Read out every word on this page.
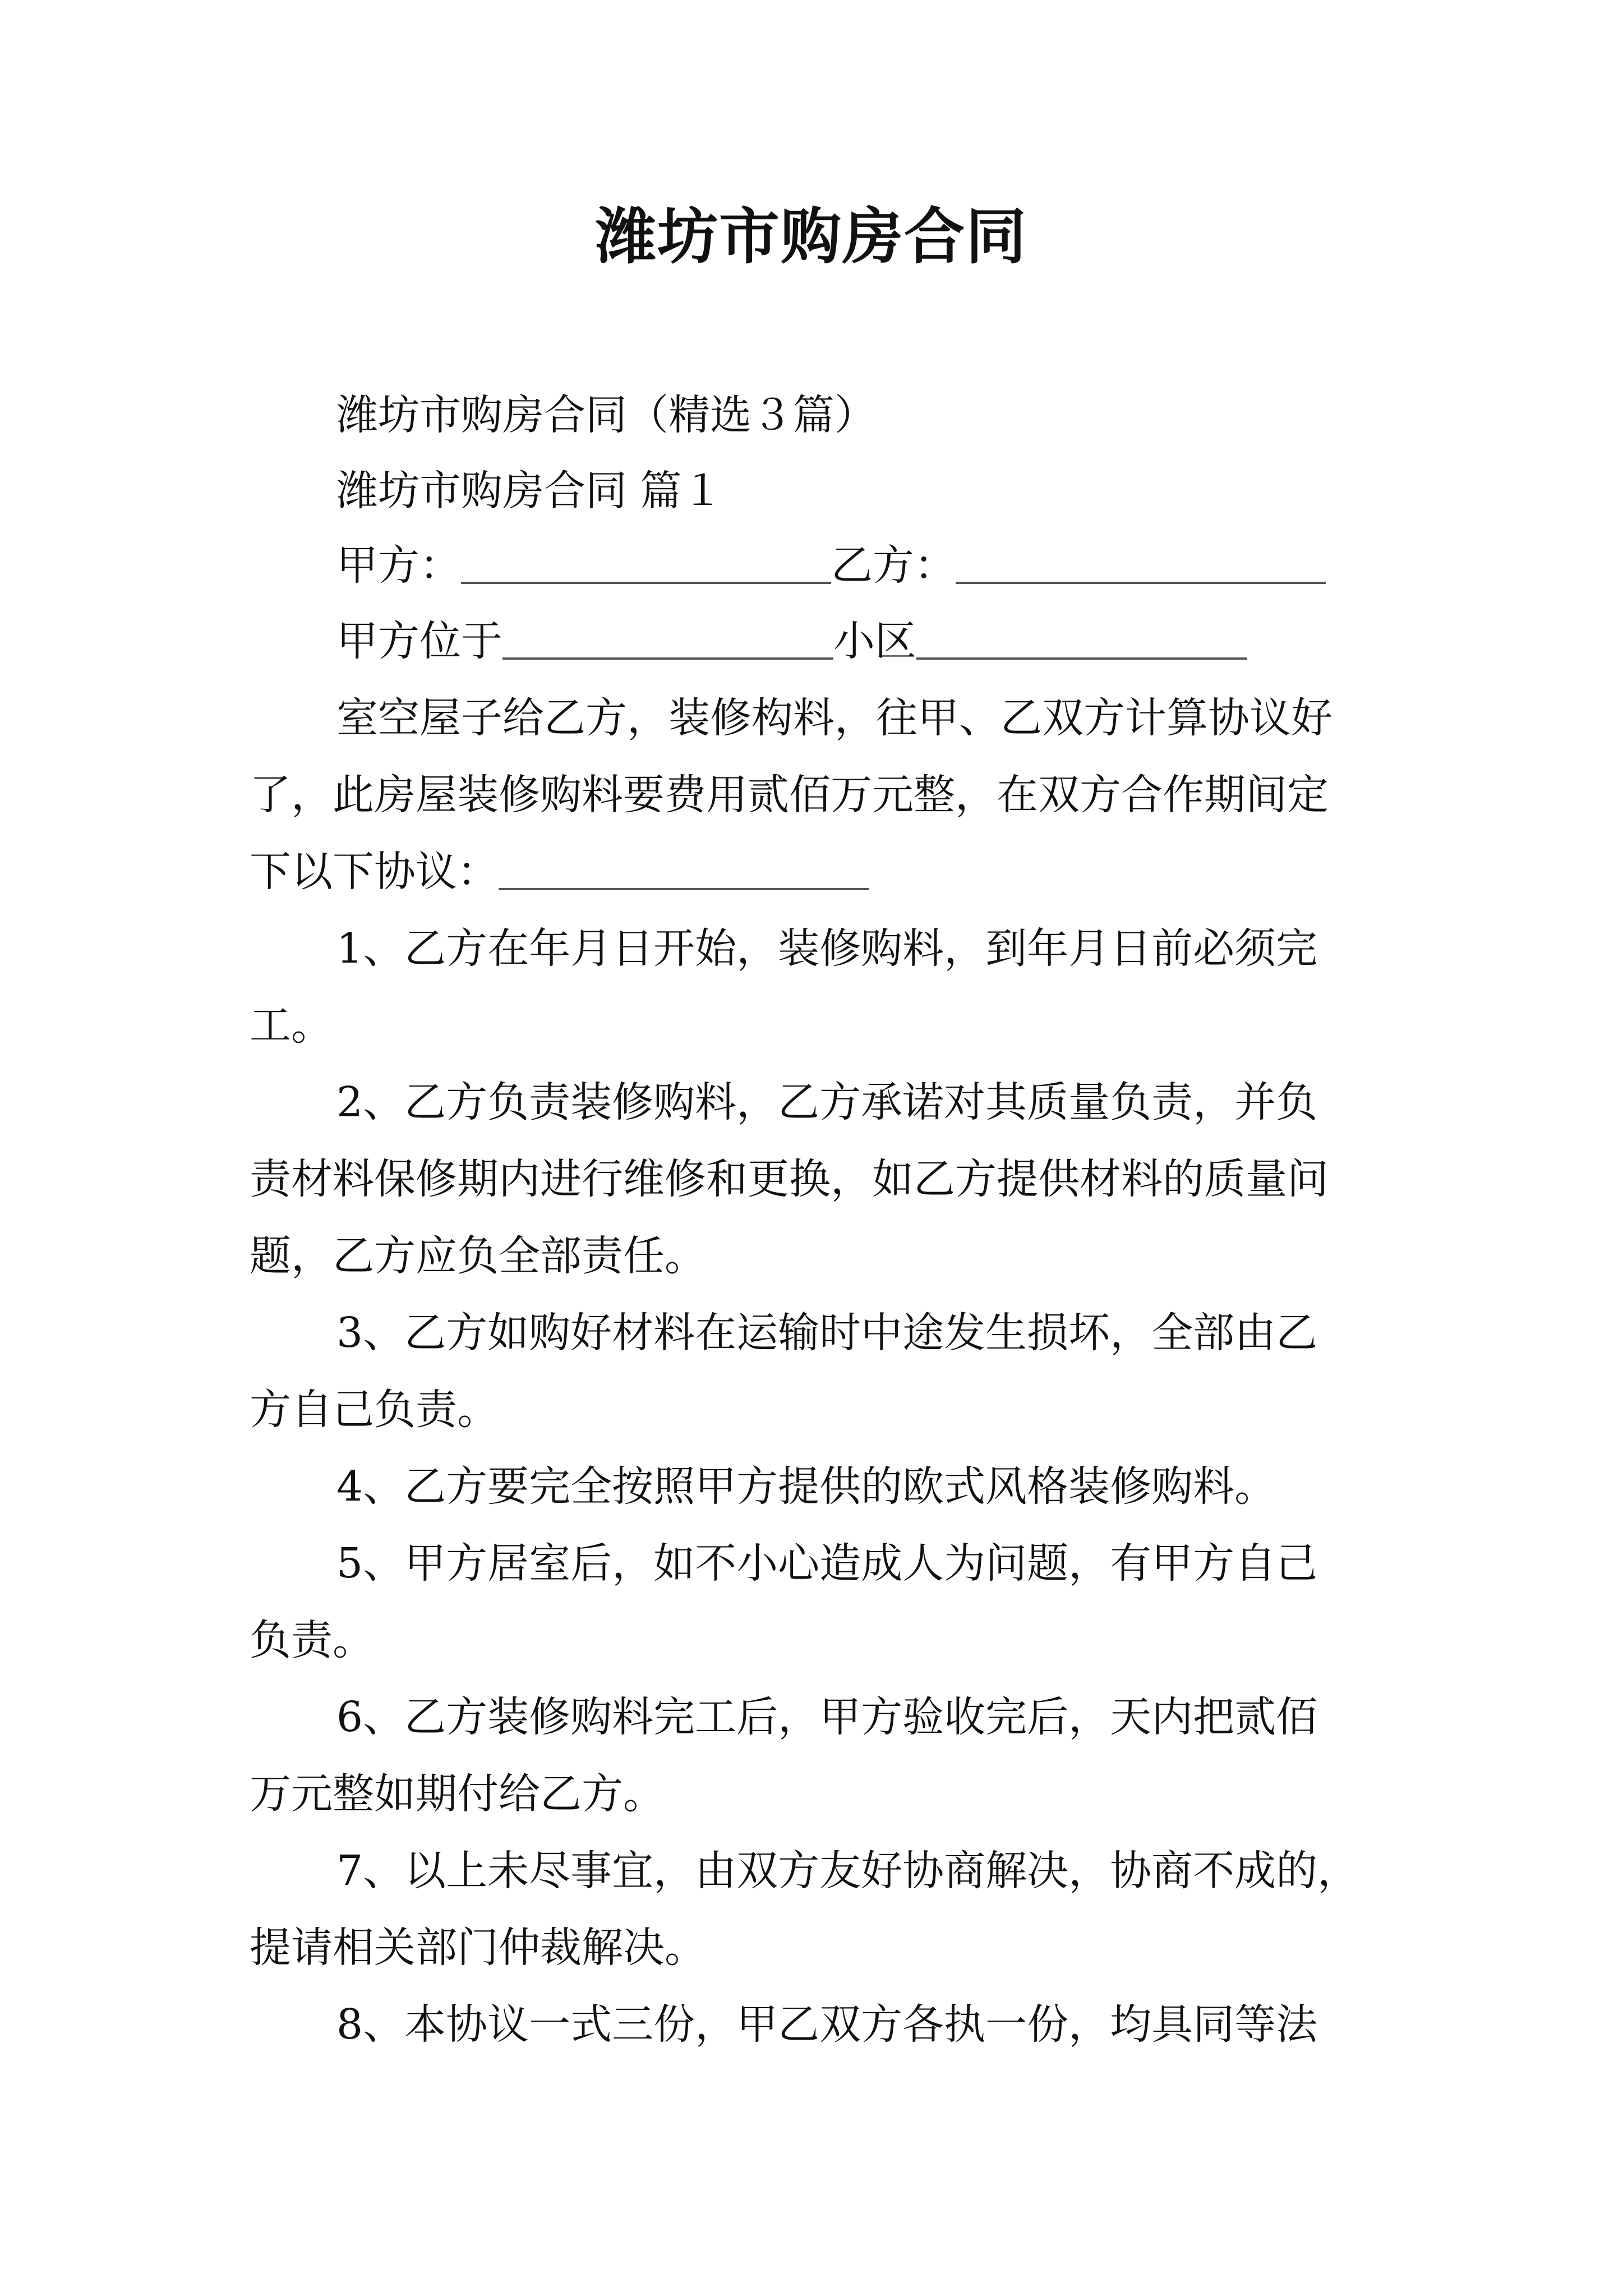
潍坊市购房合同
潍坊市购房合同（精选３篇）
潍坊市购房合同 篇１
甲方：	乙方：
甲方位于	小区
室空屋子给乙方，装修构料，往甲、乙双方计算协议好
了，此房屋装修购料要费用贰佰万元整，在双方合作期间定
下以下协议：
1、乙方在年月日开始，装修购料，到年月日前必须完
工。
2、乙方负责装修购料，乙方承诺对其质量负责，并负
责材料保修期内进行维修和更换，如乙方提供材料的质量问
题，乙方应负全部责任。
3、乙方如购好材料在运输时中途发生损坏，全部由乙
方自己负责。
4、乙方要完全按照甲方提供的欧式风格装修购料。
5、甲方居室后，如不小心造成人为问题，有甲方自己
负责。
6、乙方装修购料完工后，甲方验收完后，天内把贰佰
万元整如期付给乙方。
7、以上未尽事宜，由双方友好协商解决，协商不成的，
提请相关部门仲裁解决。
8、本协议一式三份，甲乙双方各执一份，均具同等法
